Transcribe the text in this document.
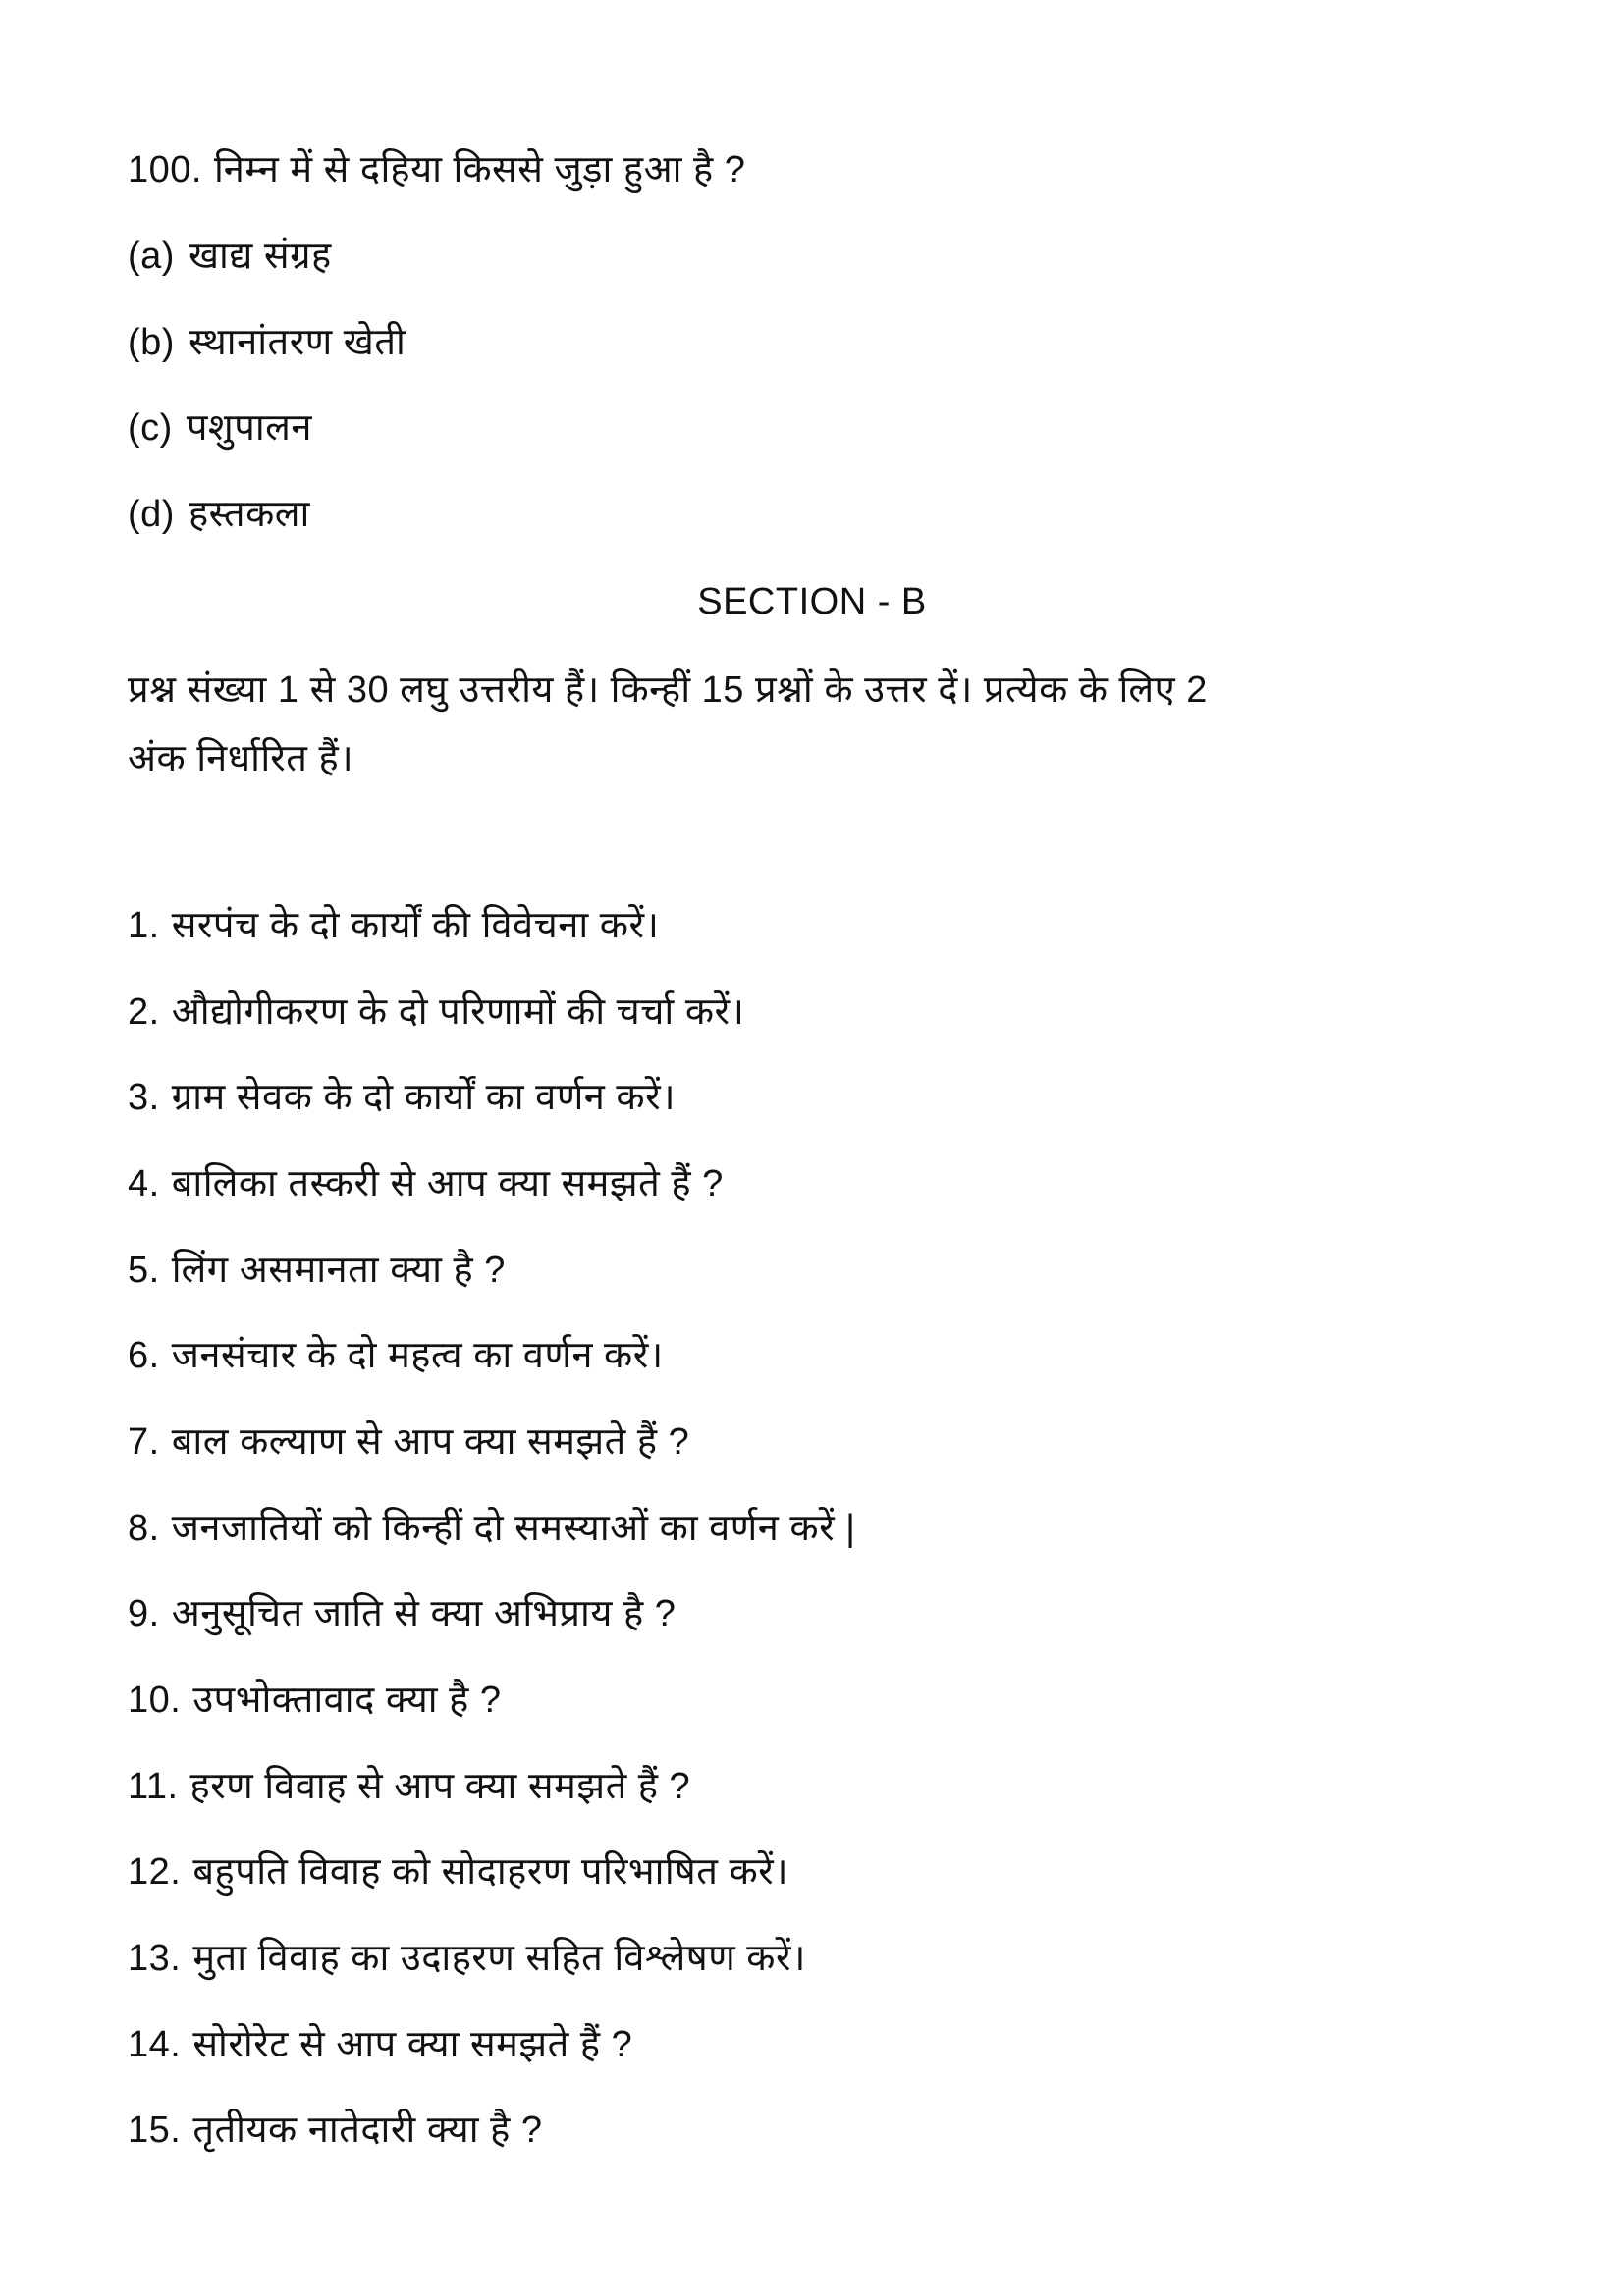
100. निम्न में से दहिया किससे जुड़ा हुआ है ?
(a) खाद्य संग्रह
(b) स्थानांतरण खेती
(c) पशुपालन
(d) हस्तकला
SECTION - B
प्रश्न संख्या 1 से 30 लघु उत्तरीय हैं। किन्हीं 15 प्रश्नों के उत्तर दें। प्रत्येक के लिए 2
अंक निर्धारित हैं।
1. सरपंच के दो कार्यों की विवेचना करें।
2. औद्योगीकरण के दो परिणामों की चर्चा करें।
3. ग्राम सेवक के दो कार्यों का वर्णन करें।
4. बालिका तस्करी से आप क्या समझते हैं ?
5. लिंग असमानता क्या है ?
6. जनसंचार के दो महत्व का वर्णन करें।
7. बाल कल्याण से आप क्या समझते हैं ?
8. जनजातियों को किन्हीं दो समस्याओं का वर्णन करें |
9. अनुसूचित जाति से क्या अभिप्राय है ?
10. उपभोक्तावाद क्या है ?
11. हरण विवाह से आप क्या समझते हैं ?
12. बहुपति विवाह को सोदाहरण परिभाषित करें।
13. मुता विवाह का उदाहरण सहित विश्लेषण करें।
14. सोरोरेट से आप क्या समझते हैं ?
15. तृतीयक नातेदारी क्या है ?
